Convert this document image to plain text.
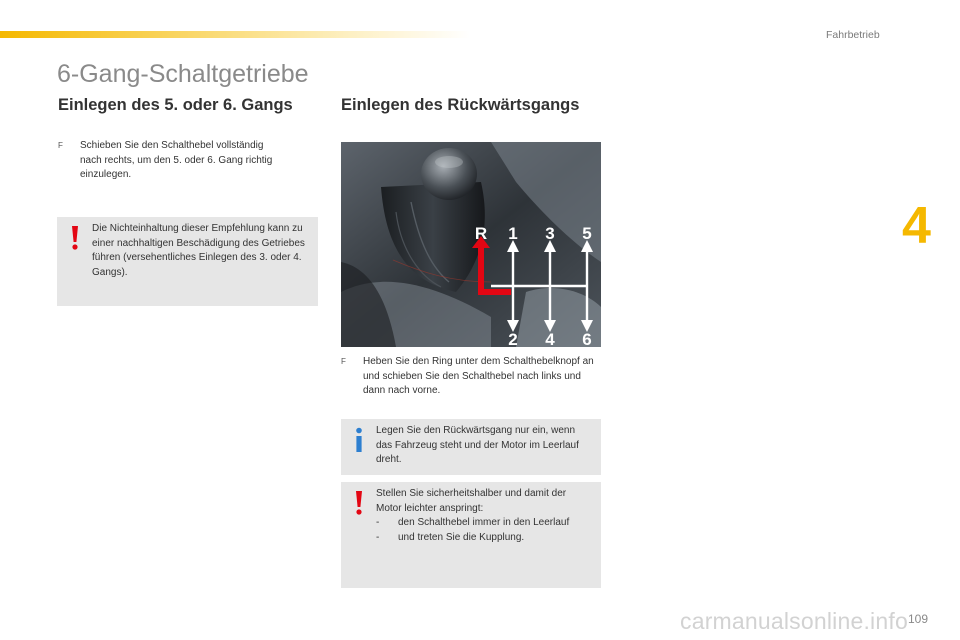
Fahrbetrieb
4
6-Gang-Schaltgetriebe
Einlegen des 5. oder 6. Gangs	Einlegen des Rückwärtsgangs
F Schieben Sie den Schalthebel vollständig nach rechts, um den 5. oder 6. Gang richtig einzulegen.
Die Nichteinhaltung dieser Empfehlung kann zu einer nachhaltigen Beschädigung des Getriebes führen (versehentliches Einlegen des 3. oder 4. Gangs).
R 1 3 5
2 4 6
F Heben Sie den Ring unter dem Schalthebelknopf an und schieben Sie den Schalthebel nach links und dann nach vorne.
Legen Sie den Rückwärtsgang nur ein, wenn das Fahrzeug steht und der Motor im Leerlauf dreht.
Stellen Sie sicherheitshalber und damit der Motor leichter anspringt:
- den Schalthebel immer in den Leerlauf
- und treten Sie die Kupplung.
carmanualsonline.info 109
